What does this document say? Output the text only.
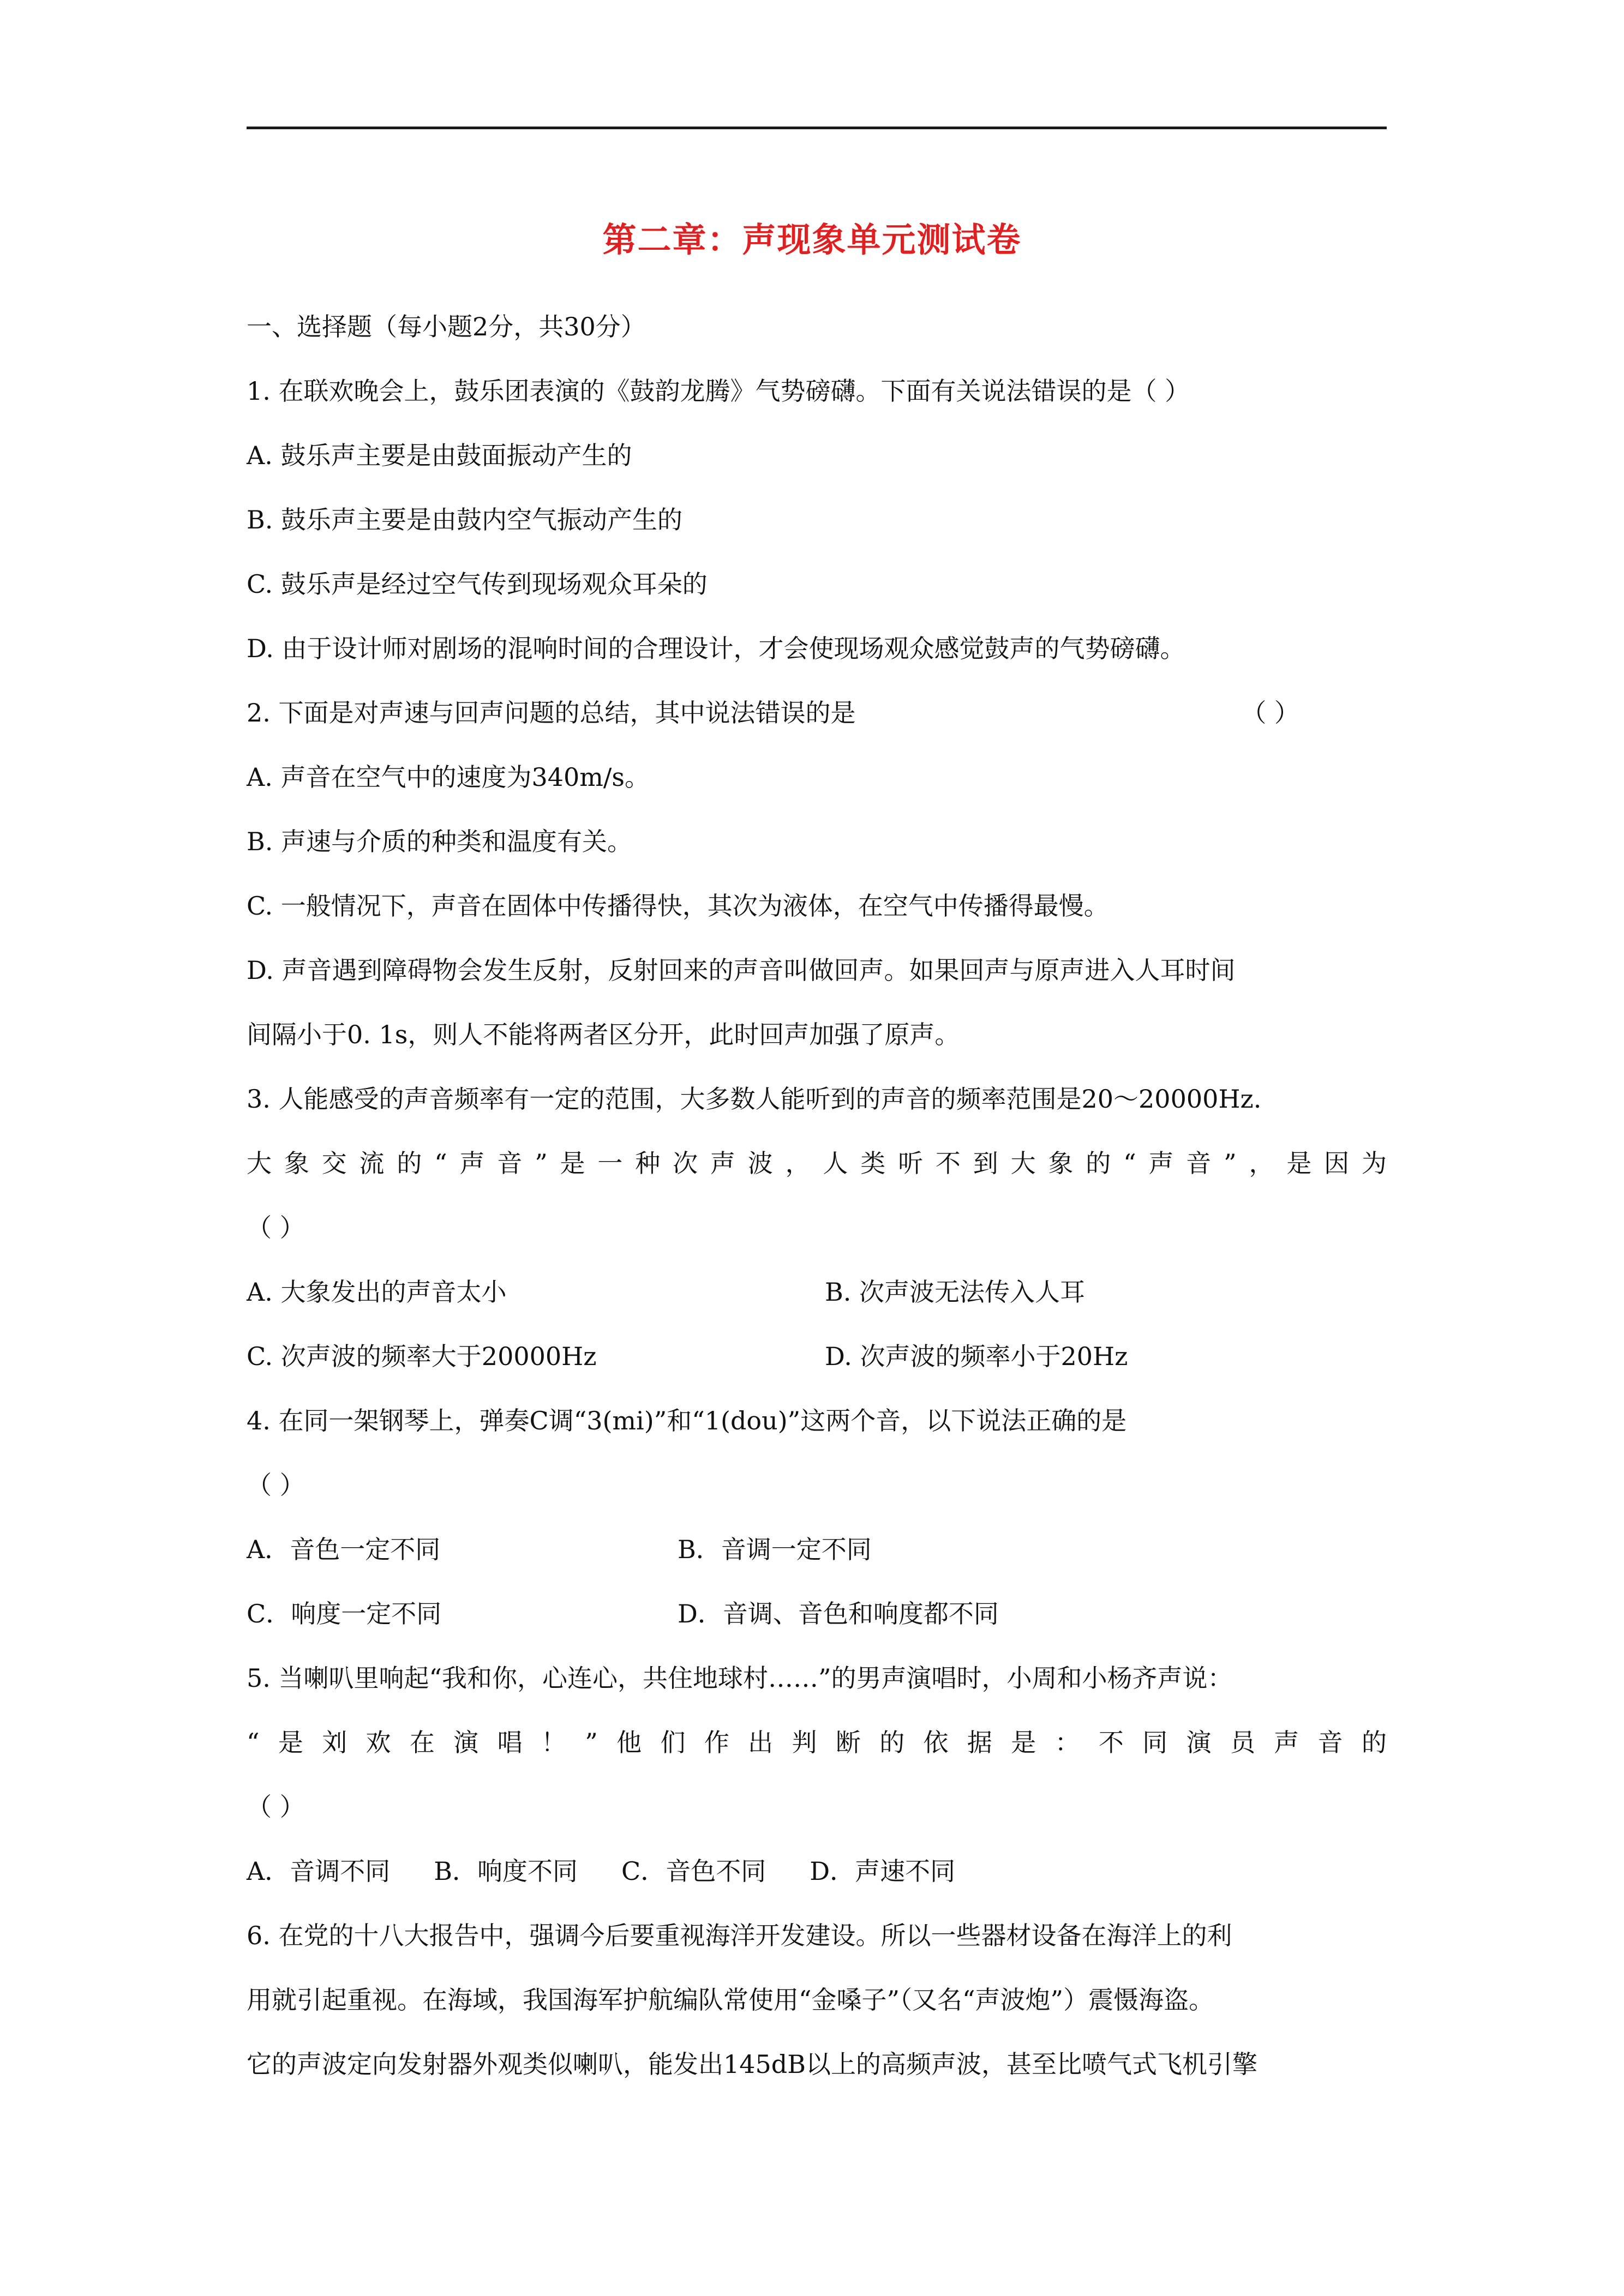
第二章：声现象单元测试卷
一、选择题（每小题2分，共30分）
1. 在联欢晚会上，鼓乐团表演的《鼓韵龙腾》气势磅礴。下面有关说法错误的是（ ）
A. 鼓乐声主要是由鼓面振动产生的
B. 鼓乐声主要是由鼓内空气振动产生的
C. 鼓乐声是经过空气传到现场观众耳朵的
D. 由于设计师对剧场的混响时间的合理设计，才会使现场观众感觉鼓声的气势磅礴。
2. 下面是对声速与回声问题的总结，其中说法错误的是	（ ）
A. 声音在空气中的速度为340m/s。
B. 声速与介质的种类和温度有关。
C. 一般情况下，声音在固体中传播得快，其次为液体，在空气中传播得最慢。
D. 声音遇到障碍物会发生反射，反射回来的声音叫做回声。如果回声与原声进入人耳时间
间隔小于0. 1s，则人不能将两者区分开，此时回声加强了原声。
3. 人能感受的声音频率有一定的范围，大多数人能听到的声音的频率范围是20～20000Hz.
大象交流的“声音”是一种次声波，人类听不到大象的“声音”，是因为
（ ）
A. 大象发出的声音太小	B. 次声波无法传入人耳
C. 次声波的频率大于20000Hz	D. 次声波的频率小于20Hz
4. 在同一架钢琴上，弹奏C调“3(mi)”和“1(dou)”这两个音，以下说法正确的是
（ ）
A．音色一定不同	B．音调一定不同
C．响度一定不同	D．音调、音色和响度都不同
5. 当喇叭里响起“我和你，心连心，共住地球村……”的男声演唱时，小周和小杨齐声说：
“是刘欢在演唱！”他们作出判断的依据是：不同演员声音的
（ ）
A．音调不同 B．响度不同 C．音色不同 D．声速不同
6. 在党的十八大报告中，强调今后要重视海洋开发建设。所以一些器材设备在海洋上的利
用就引起重视。在海域，我国海军护航编队常使用“金嗓子”（又名“声波炮”）震慑海盗。
它的声波定向发射器外观类似喇叭，能发出145dB以上的高频声波，甚至比喷气式飞机引擎
